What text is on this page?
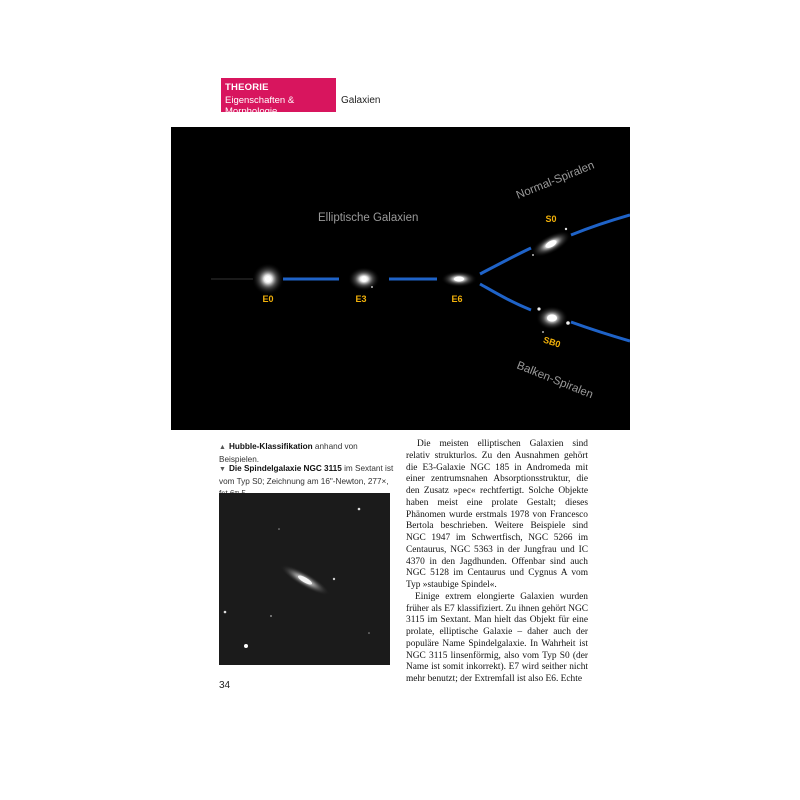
THEORIE
Eigenschaften & Morphologie
Galaxien
E0	E3	E6
S0
SB0
Elliptische Galaxien
Normal-Spiralen
Balken-Spiralen
▲ Hubble-Klassifikation anhand von Beispielen.
▼ Die Spindelgalaxie NGC 3115 im Sextant ist vom Typ S0; Zeichnung am 16"-Newton, 277×,

Die meisten elliptischen Galaxien sind relativ strukturlos. Zu den Ausnahmen gehört die E3-Galaxie NGC 185 in Andromeda mit einer zentrumsnahen Absorptionsstruktur, die den Zusatz »pec« rechtfertigt. Solche Objekte haben meist eine prolate Gestalt; dieses Phänomen wurde erstmals 1978 von Francesco Bertola beschrieben. Weitere Beispiele sind NGC 1947 im Schwertfisch, NGC 5266 im Centaurus, NGC 5363 in der Jungfrau und IC 4370 in den Jagdhunden. Offenbar sind auch NGC 5128 im Centaurus und Cygnus A vom Typ »staubige Spindel«.

Einige extrem elongierte Galaxien wurden früher als E7 klassifiziert. Zu ihnen gehört NGC 3115 im Sextant. Man hielt das Objekt für eine prolate, elliptische Galaxie – daher auch der populäre Name Spindelgalaxie. In Wahrheit ist NGC 3115 linsenförmig, also vom Typ S0 (der Name ist somit inkorrekt). E7 wird seither nicht mehr benutzt; der Extremfall ist also E6. Echte

34
